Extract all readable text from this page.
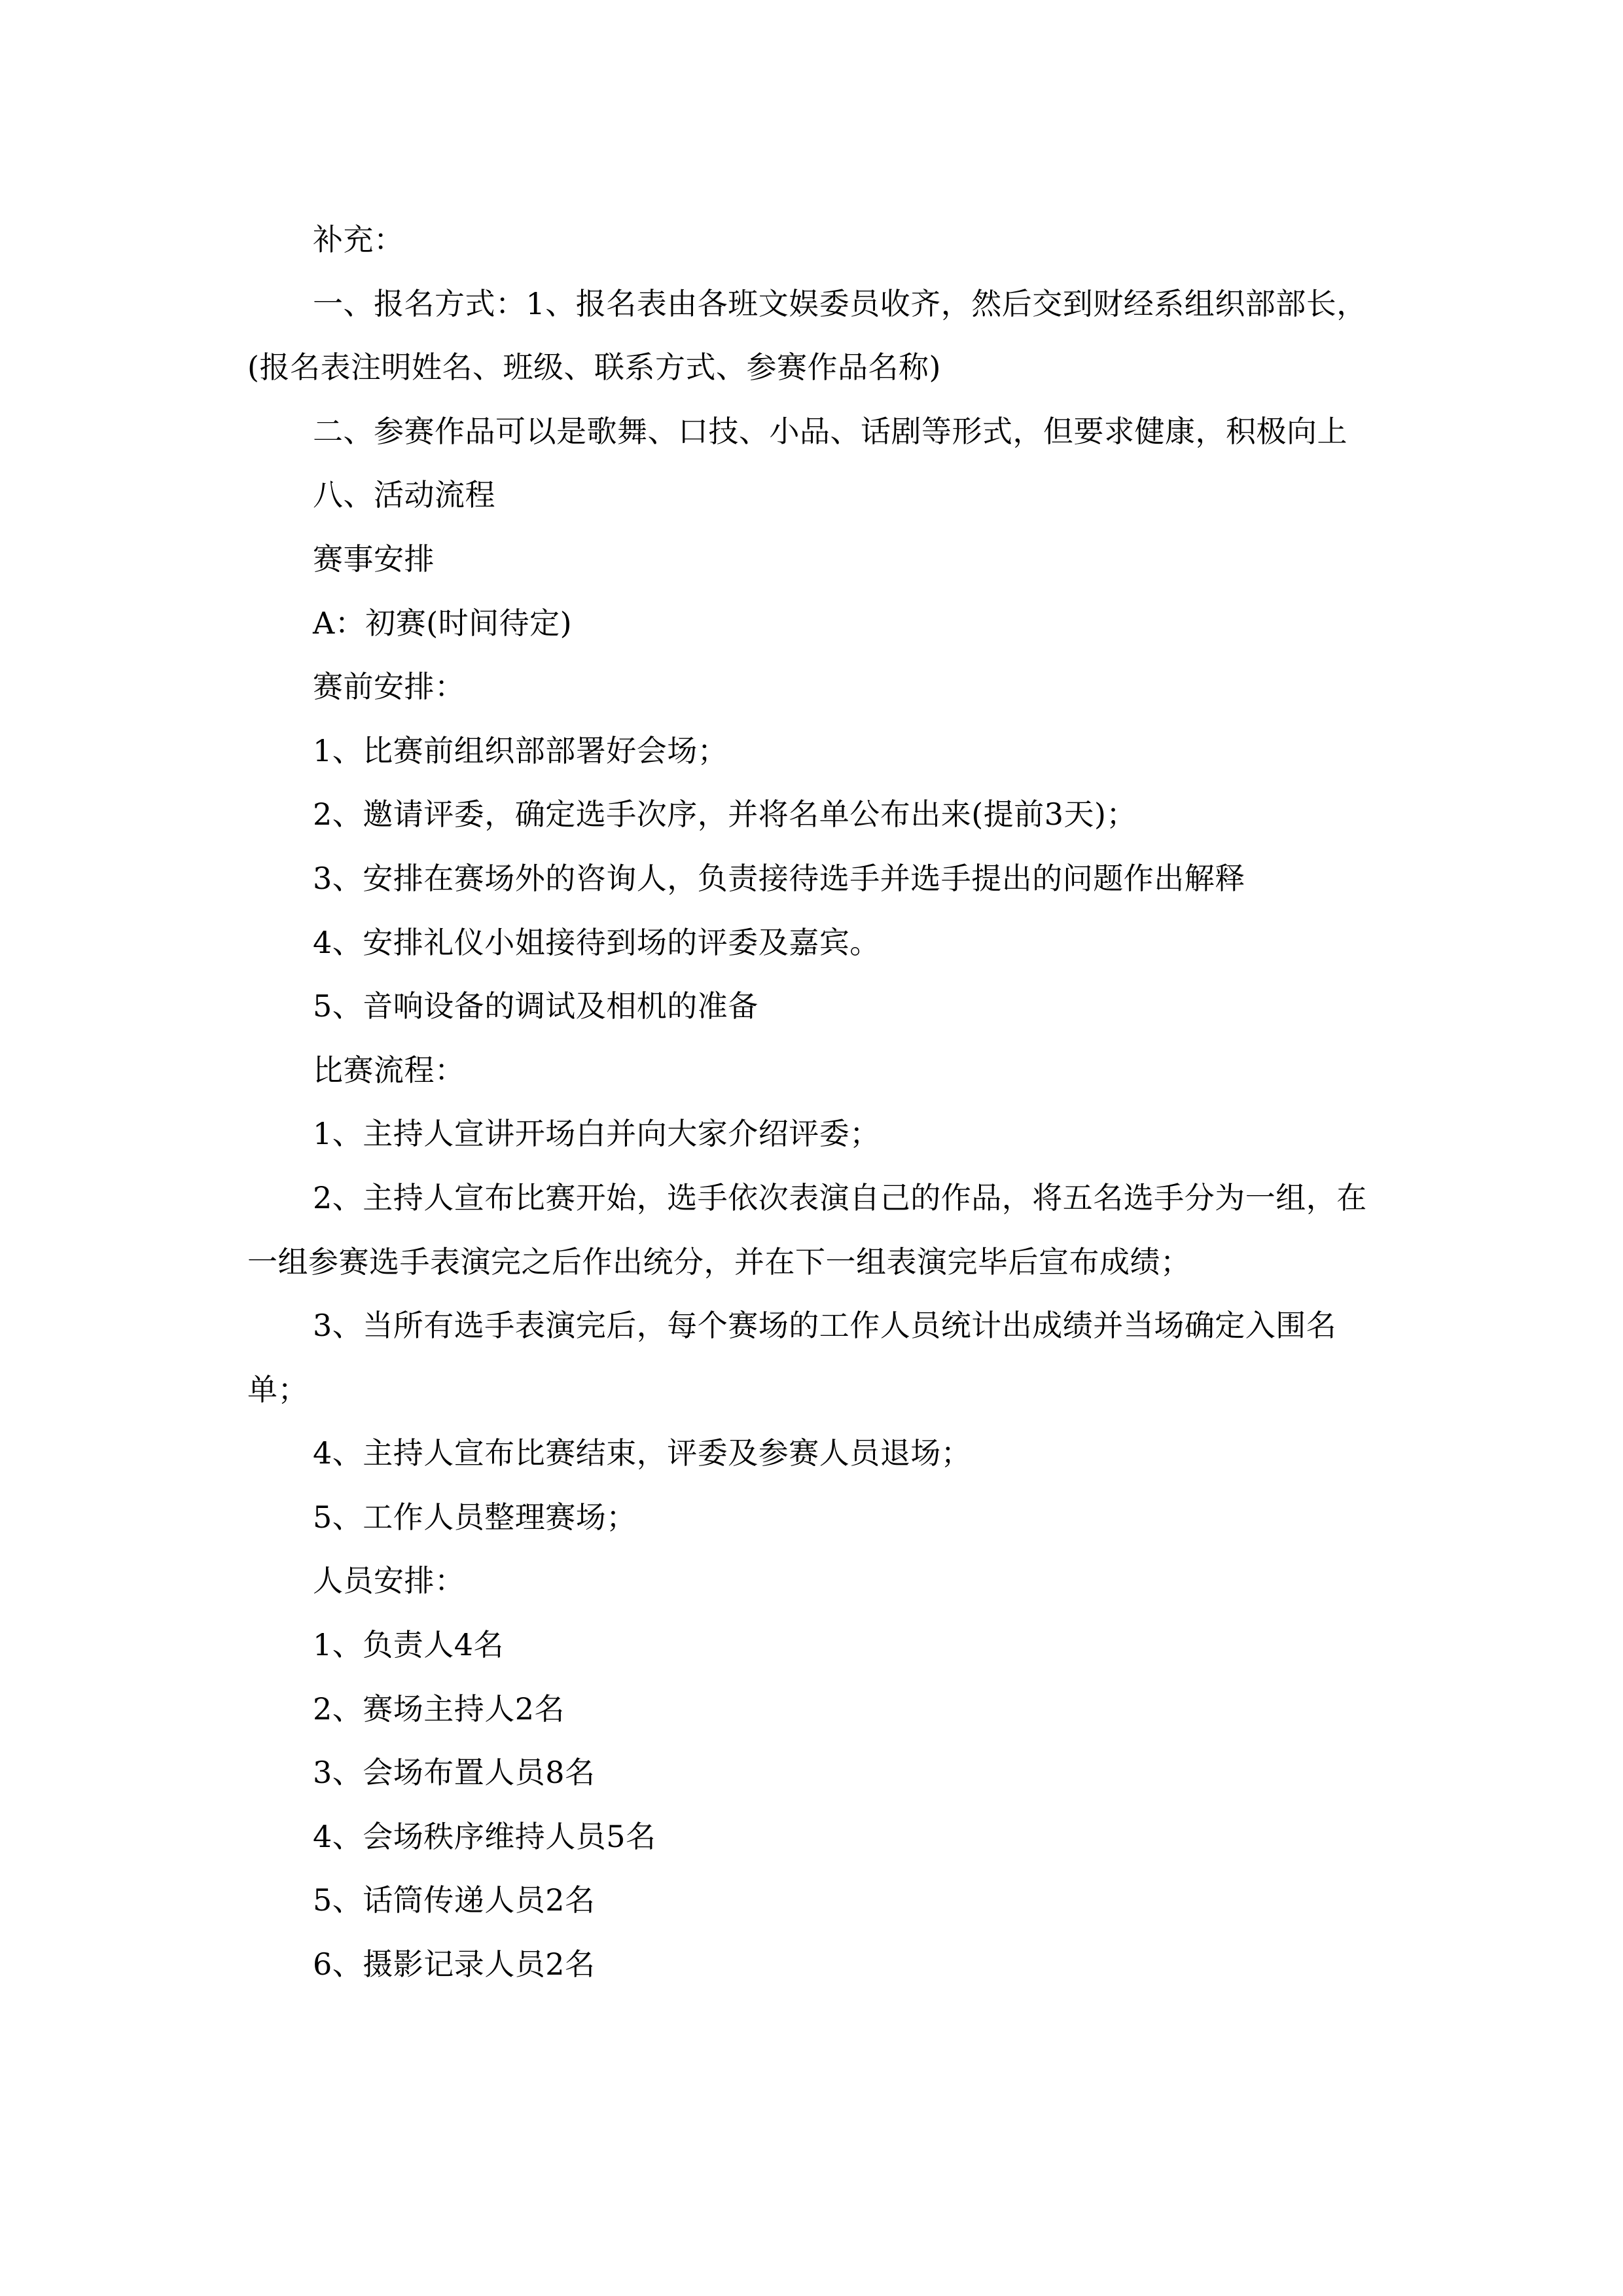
补充：

一、报名方式：1、报名表由各班文娱委员收齐，然后交到财经系组织部部长，(报名表注明姓名、班级、联系方式、参赛作品名称)

二、参赛作品可以是歌舞、口技、小品、话剧等形式，但要求健康，积极向上

八、活动流程

赛事安排

A：初赛(时间待定)

赛前安排：

1、比赛前组织部部署好会场；

2、邀请评委，确定选手次序，并将名单公布出来(提前3天)；

3、安排在赛场外的咨询人，负责接待选手并选手提出的问题作出解释

4、安排礼仪小姐接待到场的评委及嘉宾。

5、音响设备的调试及相机的准备

比赛流程：

1、主持人宣讲开场白并向大家介绍评委；

2、主持人宣布比赛开始，选手依次表演自己的作品，将五名选手分为一组，在一组参赛选手表演完之后作出统分，并在下一组表演完毕后宣布成绩；

3、当所有选手表演完后，每个赛场的工作人员统计出成绩并当场确定入围名单；

4、主持人宣布比赛结束，评委及参赛人员退场；

5、工作人员整理赛场；

人员安排：

1、负责人4名

2、赛场主持人2名

3、会场布置人员8名

4、会场秩序维持人员5名

5、话筒传递人员2名

6、摄影记录人员2名
